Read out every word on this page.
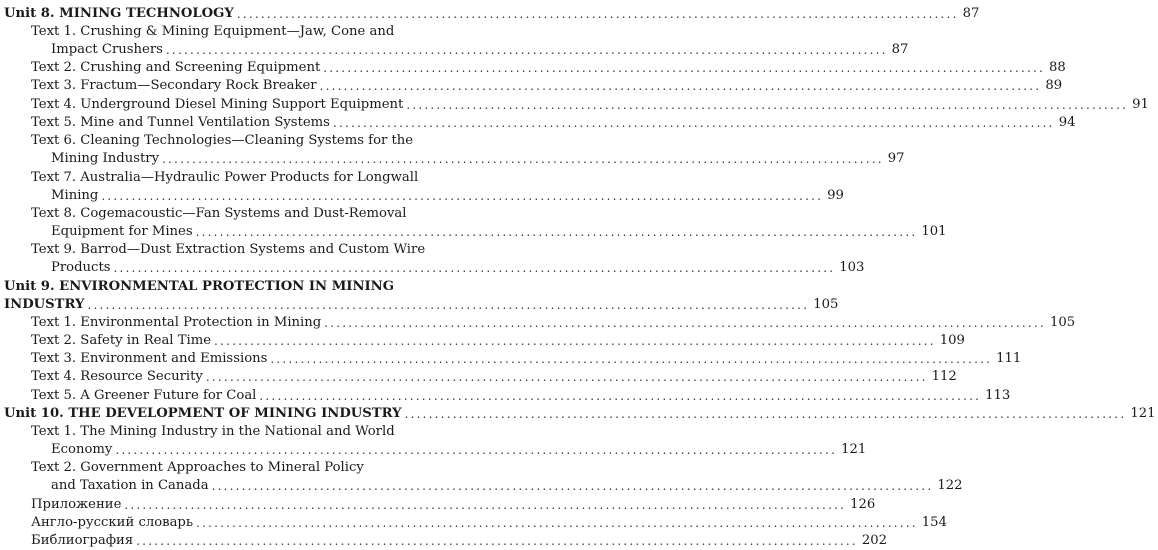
Unit 8. MINING TECHNOLOGY ........................................................................................................................ 87
Text 1. Crushing & Mining Equipment—Jaw, Cone and
Impact Crushers ........................................................................................................................ 87
Text 2. Crushing and Screening Equipment ........................................................................................................................ 88
Text 3. Fractum—Secondary Rock Breaker ........................................................................................................................ 89
Text 4. Underground Diesel Mining Support Equipment ........................................................................................................................ 91
Text 5. Mine and Tunnel Ventilation Systems ........................................................................................................................ 94
Text 6. Cleaning Technologies—Cleaning Systems for the
Mining Industry ........................................................................................................................ 97
Text 7. Australia—Hydraulic Power Products for Longwall
Mining ........................................................................................................................ 99
Text 8. Cogemacoustic—Fan Systems and Dust-Removal
Equipment for Mines ........................................................................................................................ 101
Text 9. Barrod—Dust Extraction Systems and Custom Wire
Products ........................................................................................................................ 103
Unit 9. ENVIRONMENTAL PROTECTION IN MINING
INDUSTRY ........................................................................................................................ 105
Text 1. Environmental Protection in Mining ........................................................................................................................ 105
Text 2. Safety in Real Time ........................................................................................................................ 109
Text 3. Environment and Emissions ........................................................................................................................ 111
Text 4. Resource Security ........................................................................................................................ 112
Text 5. A Greener Future for Coal ........................................................................................................................ 113
Unit 10. THE DEVELOPMENT OF MINING INDUSTRY ........................................................................................................................ 121
Text 1. The Mining Industry in the National and World
Economy ........................................................................................................................ 121
Text 2. Government Approaches to Mineral Policy
and Taxation in Canada ........................................................................................................................ 122
Приложение ........................................................................................................................ 126
Англо-русский словарь ........................................................................................................................ 154
Библиография ........................................................................................................................ 202
